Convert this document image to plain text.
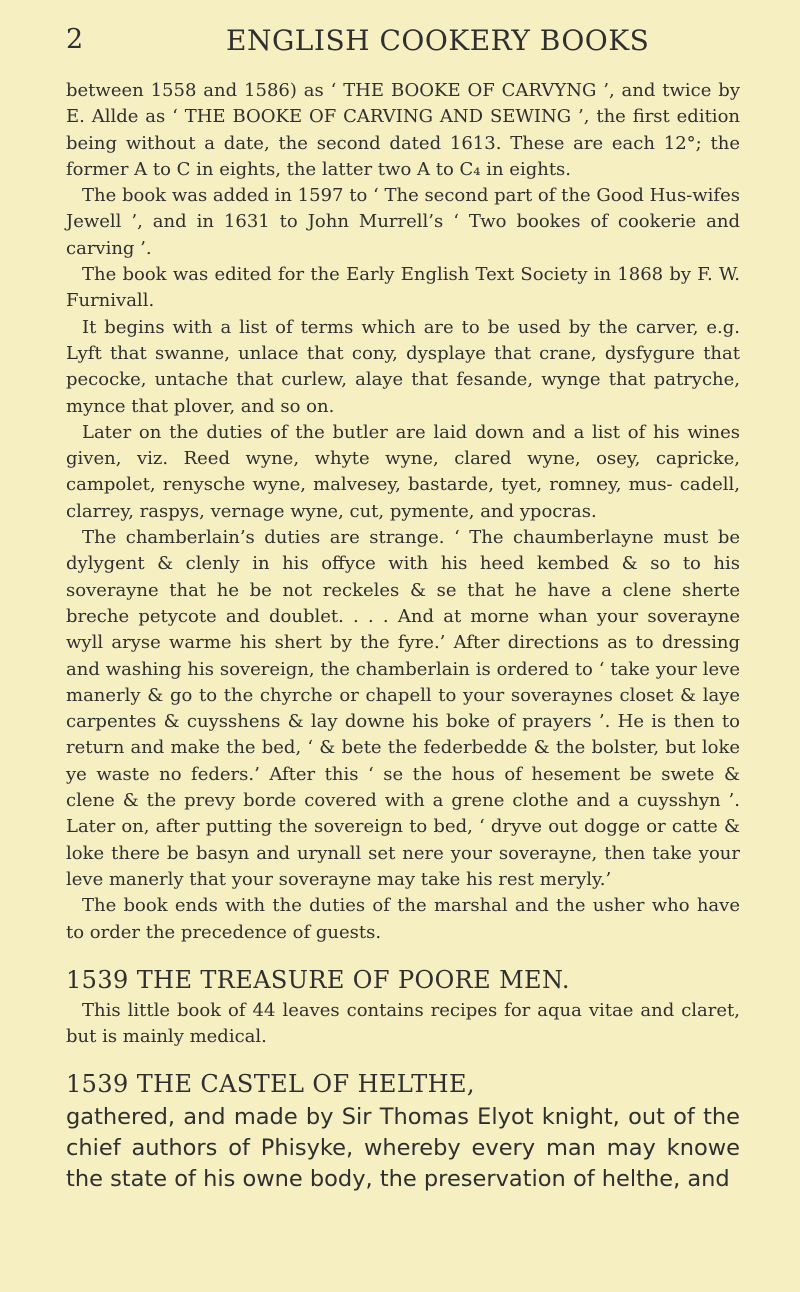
2	ENGLISH COOKERY BOOKS

between 1558 and 1586) as ‘ THE BOOKE OF CARVYNG ’, and twice by E. Allde as ‘ THE BOOKE OF CARVING AND SEWING ’, the first edition being without a date, the second dated 1613. These are each 12°; the former A to C in eights, the latter two A to C₄ in eights.

The book was added in 1597 to ‘ The second part of the Good Hus-wifes Jewell ’, and in 1631 to John Murrell’s ‘ Two bookes of cookerie and carving ’.

The book was edited for the Early English Text Society in 1868 by F. W. Furnivall.

It begins with a list of terms which are to be used by the carver, e.g. Lyft that swanne, unlace that cony, dysplaye that crane, dysfygure that pecocke, untache that curlew, alaye that fesande, wynge that patryche, mynce that plover, and so on.

Later on the duties of the butler are laid down and a list of his wines given, viz. Reed wyne, whyte wyne, clared wyne, osey, capricke, campolet, renysche wyne, malvesey, bastarde, tyet, romney, mus- cadell, clarrey, raspys, vernage wyne, cut, pymente, and ypocras.

The chamberlain’s duties are strange. ‘ The chaumberlayne must be dylygent & clenly in his offyce with his heed kembed & so to his soverayne that he be not reckeles & se that he have a clene sherte breche petycote and doublet. . . . And at morne whan your soverayne wyll aryse warme his shert by the fyre.’ After directions as to dressing and washing his sovereign, the chamberlain is ordered to ‘ take your leve manerly & go to the chyrche or chapell to your soveraynes closet & laye carpentes & cuysshens & lay downe his boke of prayers ’. He is then to return and make the bed, ‘ & bete the federbedde & the bolster, but loke ye waste no feders.’ After this ‘ se the hous of hesement be swete & clene & the prevy borde covered with a grene clothe and a cuysshyn ’. Later on, after putting the sovereign to bed, ‘ dryve out dogge or catte & loke there be basyn and urynall set nere your soverayne, then take your leve manerly that your soverayne may take his rest meryly.’

The book ends with the duties of the marshal and the usher who have to order the precedence of guests.

1539 THE TREASURE OF POORE MEN.

This little book of 44 leaves contains recipes for aqua vitae and claret, but is mainly medical.

1539 THE CASTEL OF HELTHE,

gathered, and made by Sir Thomas Elyot knight, out of the chief authors of Phisyke, whereby every man may knowe the state of his owne body, the preservation of helthe, and
